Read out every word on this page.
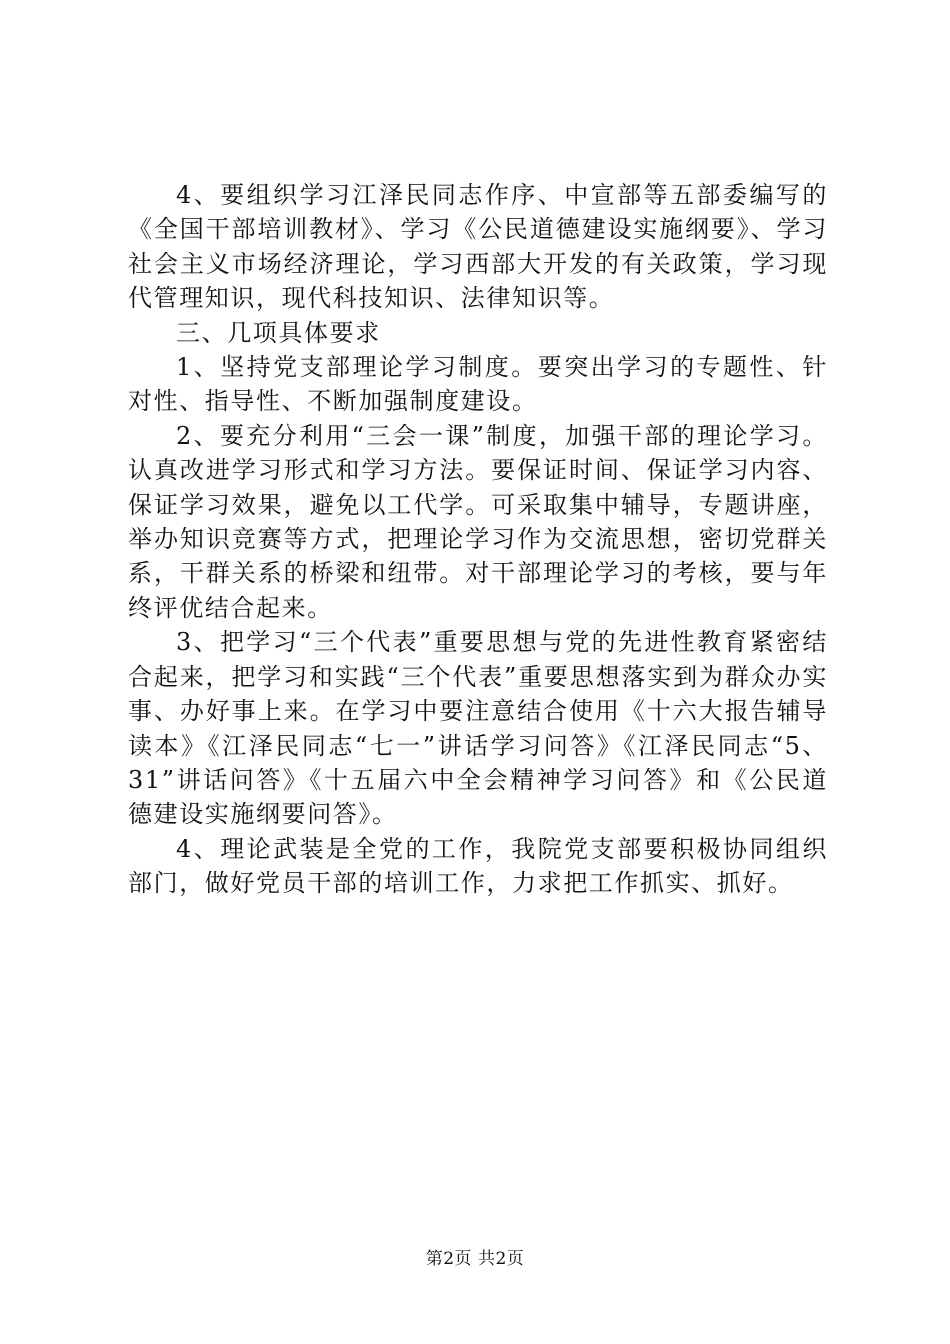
4、要组织学习江泽民同志作序、中宣部等五部委编写的《全国干部培训教材》、学习《公民道德建设实施纲要》、学习社会主义市场经济理论，学习西部大开发的有关政策，学习现代管理知识，现代科技知识、法律知识等。

三、几项具体要求

1、坚持党支部理论学习制度。要突出学习的专题性、针对性、指导性、不断加强制度建设。

2、要充分利用“三会一课”制度，加强干部的理论学习。认真改进学习形式和学习方法。要保证时间、保证学习内容、保证学习效果，避免以工代学。可采取集中辅导，专题讲座，举办知识竞赛等方式，把理论学习作为交流思想，密切党群关系，干群关系的桥梁和纽带。对干部理论学习的考核，要与年终评优结合起来。

3、把学习“三个代表”重要思想与党的先进性教育紧密结合起来，把学习和实践“三个代表”重要思想落实到为群众办实事、办好事上来。在学习中要注意结合使用《十六大报告辅导读本》《江泽民同志“七一”讲话学习问答》《江泽民同志“5、31”讲话问答》《十五届六中全会精神学习问答》和《公民道德建设实施纲要问答》。

4、理论武装是全党的工作，我院党支部要积极协同组织部门，做好党员干部的培训工作，力求把工作抓实、抓好。

第2页 共2页
